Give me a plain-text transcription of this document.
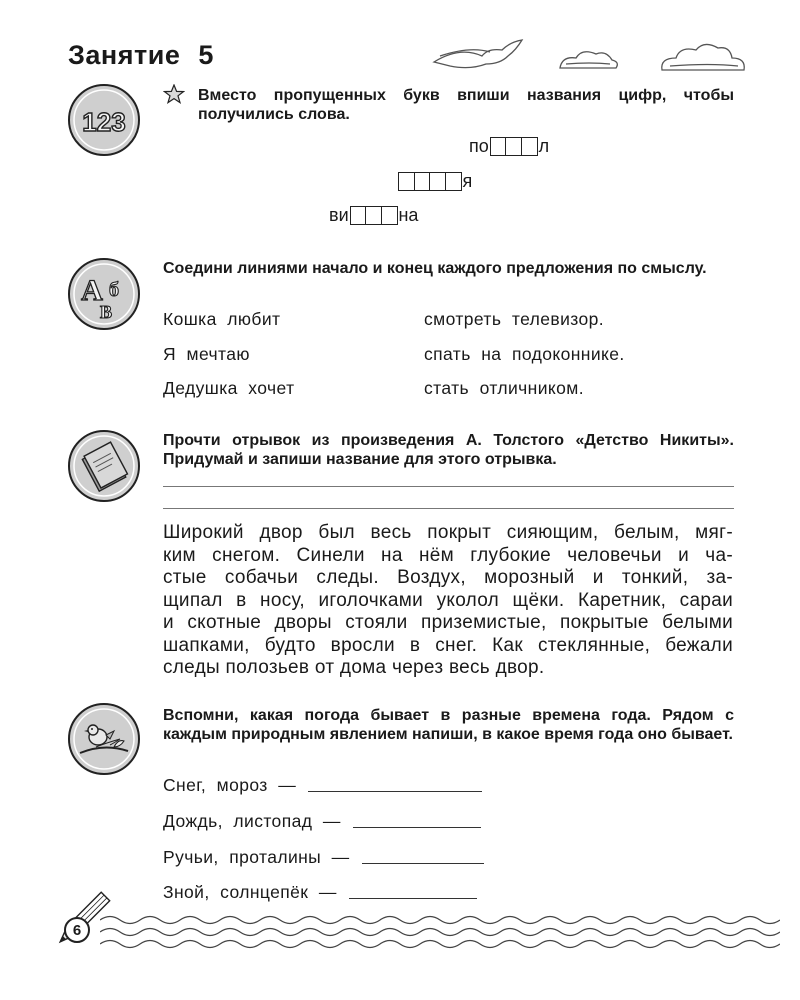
Занятие 5
123
Вместо пропущенных букв впиши названия цифр, чтобы получились слова.
по	л
я
ви	на
А б
В
Соедини линиями начало и конец каждого предложения по смыслу.
Кошка  любит
Я  мечтаю
Дедушка  хочет
смотреть  телевизор.
спать  на  подоконнике.
стать  отличником.
Прочти отрывок из произведения А. Толстого «Детство Никиты». Придумай и запиши название для этого отрывка.
Широкий двор был весь покрыт сияющим, белым, мяг-
ким снегом. Синели на нём глубокие человечьи и ча-
стые собачьи следы. Воздух, морозный и тонкий, за-
щипал в носу, иголочками уколол щёки. Каретник, сараи
и скотные дворы стояли приземистые, покрытые белыми
шапками, будто вросли в снег. Как стеклянные, бежали
следы полозьев от дома через весь двор.
Вспомни, какая погода бывает в разные времена года. Рядом с каждым природным явлением напиши, в какое время года оно бывает.
Снег,  мороз  —
Дождь,  листопад  —
Ручьи,  проталины  —
Зной,  солнцепёк  —
6
